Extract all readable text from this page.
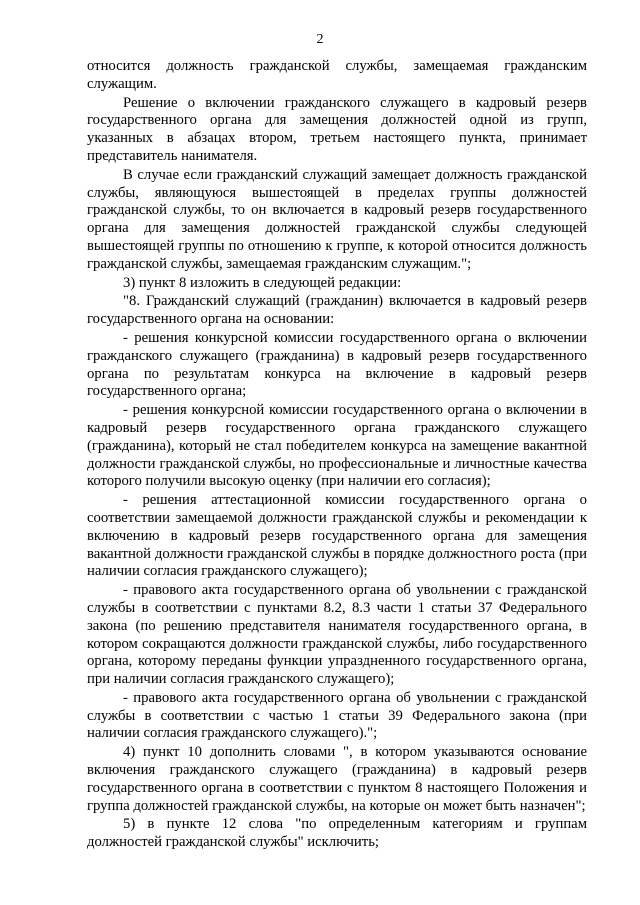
2

относится должность гражданской службы, замещаемая гражданским служащим.

Решение о включении гражданского служащего в кадровый резерв государственного органа для замещения должностей одной из групп, указанных в абзацах втором, третьем настоящего пункта, принимает представитель нанимателя.

В случае если гражданский служащий замещает должность гражданской службы, являющуюся вышестоящей в пределах группы должностей гражданской службы, то он включается в кадровый резерв государственного органа для замещения должностей гражданской службы следующей вышестоящей группы по отношению к группе, к которой относится должность гражданской службы, замещаемая гражданским служащим.";

3) пункт 8 изложить в следующей редакции:

"8. Гражданский служащий (гражданин) включается в кадровый резерв государственного органа на основании:

- решения конкурсной комиссии государственного органа о включении гражданского служащего (гражданина) в кадровый резерв государственного органа по результатам конкурса на включение в кадровый резерв государственного органа;

- решения конкурсной комиссии государственного органа о включении в кадровый резерв государственного органа гражданского служащего (гражданина), который не стал победителем конкурса на замещение вакантной должности гражданской службы, но профессиональные и личностные качества которого получили высокую оценку (при наличии его согласия);

- решения аттестационной комиссии государственного органа о соответствии замещаемой должности гражданской службы и рекомендации к включению в кадровый резерв государственного органа для замещения вакантной должности гражданской службы в порядке должностного роста (при наличии согласия гражданского служащего);

- правового акта государственного органа об увольнении с гражданской службы в соответствии с пунктами 8.2, 8.3 части 1 статьи 37 Федерального закона (по решению представителя нанимателя государственного органа, в котором сокращаются должности гражданской службы, либо государственного органа, которому переданы функции упраздненного государственного органа, при наличии согласия гражданского служащего);

- правового акта государственного органа об увольнении с гражданской службы в соответствии с частью 1 статьи 39 Федерального закона (при наличии согласия гражданского служащего).";

4) пункт 10 дополнить словами ", в котором указываются основание включения гражданского служащего (гражданина) в кадровый резерв государственного органа в соответствии с пунктом 8 настоящего Положения и группа должностей гражданской службы, на которые он может быть назначен";

5) в пункте 12 слова "по определенным категориям и группам должностей гражданской службы" исключить;
